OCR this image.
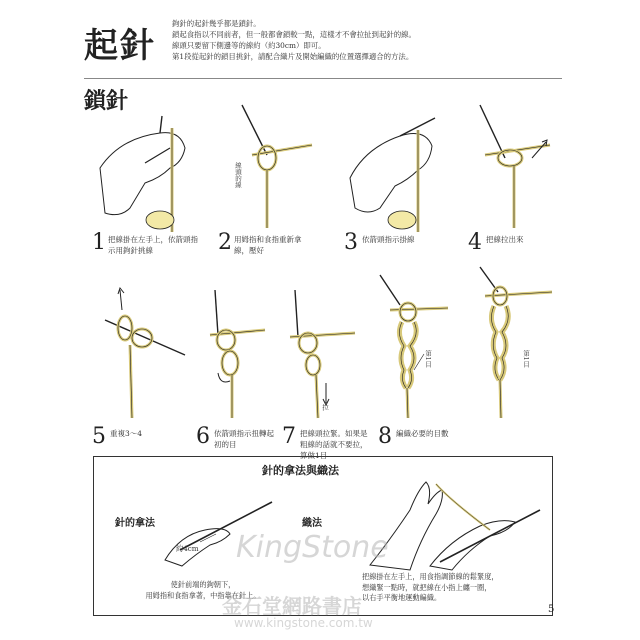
起針

鉤針的起針幾乎都是鎖針。

鎖起食指以不同前者，但一般都會鎖較一點，這樣才不會拉扯到起針的線。

線頭只要留下側邊等的線約（約30cm）即可。

第1段從起針的鎖目挑針，請配合織片及開始編織的位置選擇適合的方法。

鎖針
線頭的線
1 把線掛在左手上，依箭頭指示用鉤針挑線	2 用姆指和食指重新拿線，壓好	3 依箭頭指示掛線	4 把線拉出來
拉
第1目	第1目
5 重複3～4	6 依箭頭指示扭轉起初的目	7 把線頭拉緊。如果是粗線的話就不要拉，算做1目
8 編織必要的目數
針的拿法與織法
針的拿法	織法
約4cm
使針前端的鉤朝下，
用姆指和食指拿著，中指靠在針上。
把線掛在左手上，用食指調節線的鬆緊度，
想織緊一點時，就把線在小指上纏一圈，
以右手平衡地運動編織。
KingStone
金石堂網路書店
www.kingstone.com.tw
5
